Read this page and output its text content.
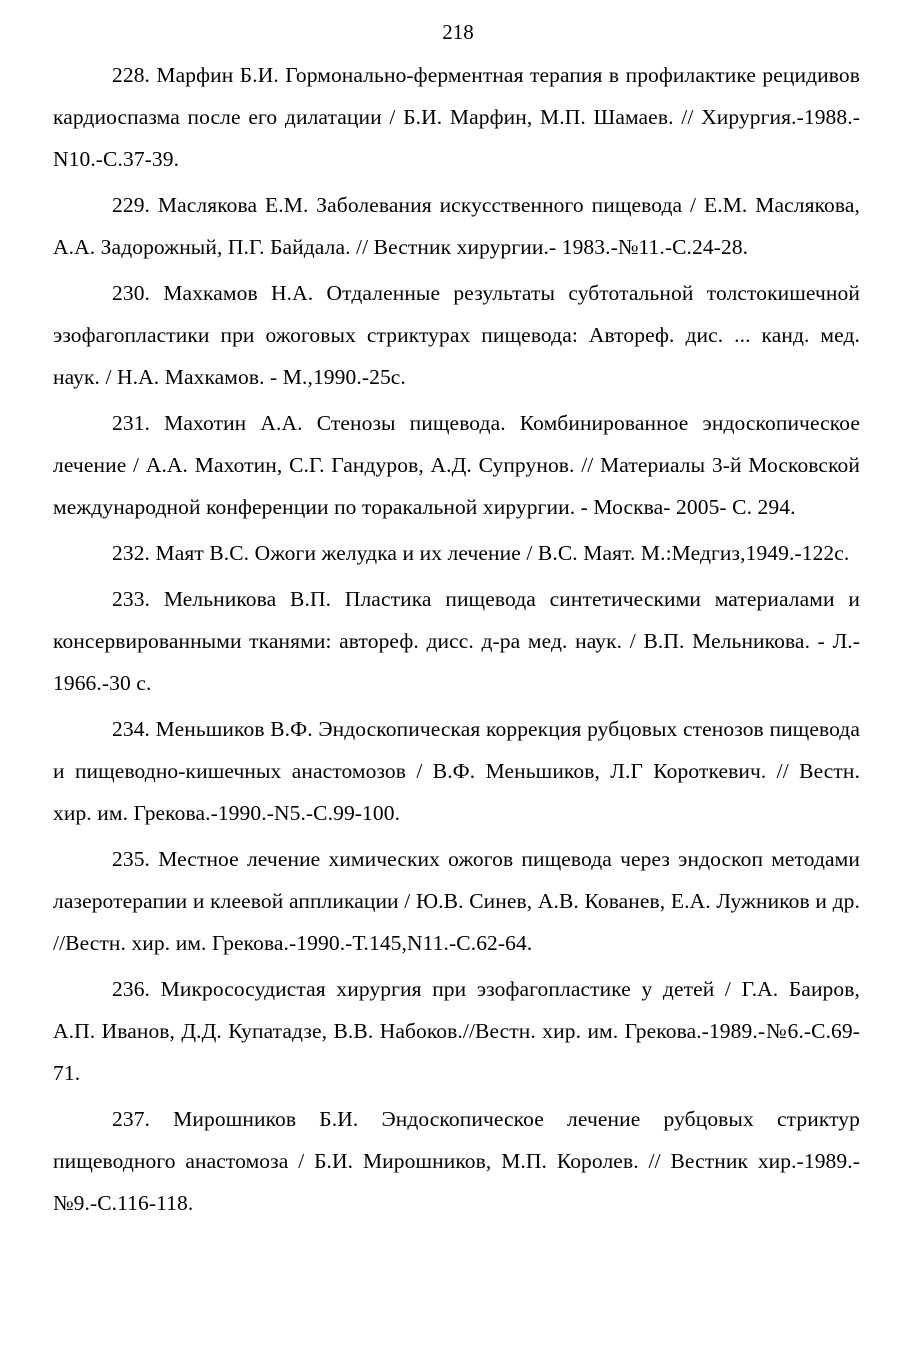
218

228. Марфин Б.И. Гормонально-ферментная терапия в профилактике рецидивов кардиоспазма после его дилатации / Б.И. Марфин, М.П. Шамаев. // Хирургия.-1988.-N10.-С.37-39.

229. Маслякова Е.М. Заболевания искусственного пищевода / Е.М. Маслякова, А.А. Задорожный, П.Г. Байдала. // Вестник хирургии.- 1983.-№11.-С.24-28.

230. Махкамов Н.А. Отдаленные результаты субтотальной толстокишечной эзофагопластики при ожоговых стриктурах пищевода: Автореф. дис. ... канд. мед. наук. / Н.А. Махкамов. - М.,1990.-25с.

231. Махотин А.А. Стенозы пищевода. Комбинированное эндоскопическое лечение / А.А. Махотин, С.Г. Гандуров, А.Д. Супрунов. // Материалы 3-й Московской международной конференции по торакальной хирургии. - Москва- 2005- С. 294.

232. Маят В.С. Ожоги желудка и их лечение / В.С. Маят. М.:Медгиз,1949.-122с.

233. Мельникова В.П. Пластика пищевода синтетическими материалами и консервированными тканями: автореф. дисс. д-ра мед. наук. / В.П. Мельникова. - Л.- 1966.-30 с.

234. Меньшиков В.Ф. Эндоскопическая коррекция рубцовых стенозов пищевода и пищеводно-кишечных анастомозов / В.Ф. Меньшиков, Л.Г Короткевич. // Вестн. хир. им. Грекова.-1990.-N5.-С.99-100.

235. Местное лечение химических ожогов пищевода через эндоскоп методами лазеротерапии и клеевой аппликации / Ю.В. Синев, А.В. Кованев, Е.А. Лужников и др. //Вестн. хир. им. Грекова.-1990.-Т.145,N11.-С.62-64.

236. Микрососудистая хирургия при эзофагопластике у детей / Г.А. Баиров, А.П. Иванов, Д.Д. Купатадзе, В.В. Набоков.//Вестн. хир. им. Грекова.-1989.-№6.-С.69-71.

237. Мирошников Б.И. Эндоскопическое лечение рубцовых стриктур пищеводного анастомоза / Б.И. Мирошников, М.П. Королев. // Вестник хир.-1989.- №9.-С.116-118.
